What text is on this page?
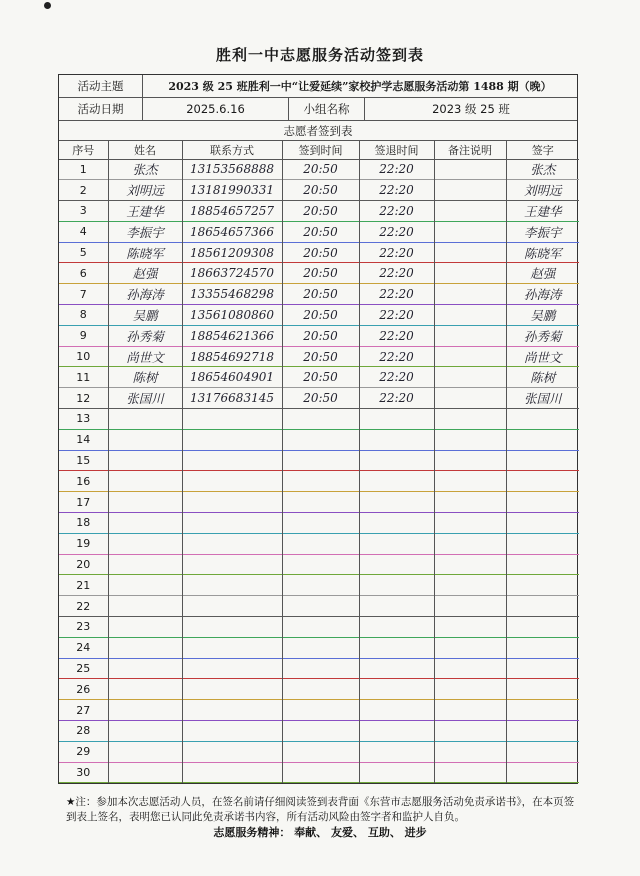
胜利一中志愿服务活动签到表
活动主题	2023 级 25 班胜利一中“让爱延续”家校护学志愿服务活动第 1488 期（晚）
活动日期	2025.6.16	小组名称	2023 级 25 班
志愿者签到表
序号	姓名	联系方式	签到时间	签退时间	备注说明	签字
1	张杰	13153568888	20:50	22:20		张杰
2	刘明远	13181990331	20:50	22:20		刘明远
3	王建华	18854657257	20:50	22:20		王建华
4	李振宇	18654657366	20:50	22:20		李振宇
5	陈晓军	18561209308	20:50	22:20		陈晓军
6	赵强	18663724570	20:50	22:20		赵强
7	孙海涛	13355468298	20:50	22:20		孙海涛
8	吴鹏	13561080860	20:50	22:20		吴鹏
9	孙秀菊	18854621366	20:50	22:20		孙秀菊
10	尚世文	18854692718	20:50	22:20		尚世文
11	陈树	18654604901	20:50	22:20		陈树
12	张国川	13176683145	20:50	22:20		张国川
13						
14						
15						
16						
17						
18						
19						
20						
21						
22						
23						
24						
25						
26						
27						
28						
29						
30						
★注：参加本次志愿活动人员，在签名前请仔细阅读签到表背面《东营市志愿服务活动免责承诺书》，在本页签到表上签名，表明您已认同此免责承诺书内容，所有活动风险由签字者和监护人自负。
志愿服务精神： 奉献、 友爱、 互助、 进步
